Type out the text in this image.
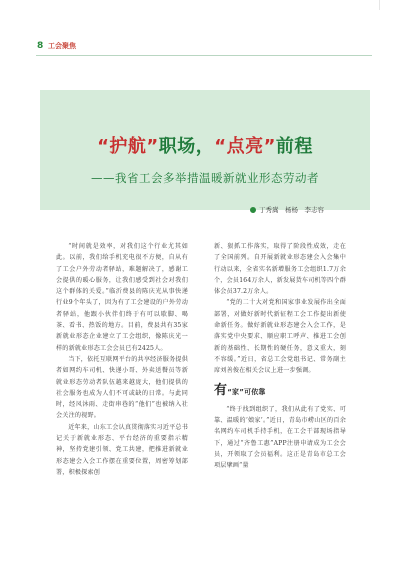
8 工会聚焦
“护航”职场，“点亮”前程
——我省工会多举措温暖新就业形态劳动者
丁秀嵩　杨杨　李志容

“时间就是效率，对我们这个行业尤其如此。以前，我们给手机充电很不方便，自从有了工会户外劳动者驿站，难题解决了，感谢工会提供的暖心服务，让我们感受到社会对我们这个群体的关爱。”临沂费县的陈庆光从事快递行业9个年头了，因为有了工会建设的户外劳动者驿站，他跟小伙伴们终于有可以歇脚、喝茶、看书、热饭的地方。目前，费县共有35家新就业形态企业建立了工会组织，像陈庆光一样的新就业形态工会会员已有2425人。

当下，依托互联网平台的共享经济服务提供者如网约车司机、快递小哥、外卖送餐员等新就业形态劳动者队伍越来越庞大，他们提供的社会服务也成为人们不可或缺的日常。与此同时，经风沐雨、走街串巷的“他们”也被纳入社会关注的视野。

近年来，山东工会认真贯彻落实习近平总书记关于新就业形态、平台经济的重要指示精神，坚持党建引领、党工共建，把推进新就业形态建会入会工作摆在重要位置，周密筹划部署，积极探索创

新、狠抓工作落实，取得了阶段性成效，走在了全国前列。自开展新就业形态建会入会集中行动以来，全省实名新增服务工会组织1.7万余个，会员164万余人，新发展货车司机等四个群体会员37.2万余人。

“党的二十大对党和国家事业发展作出全面部署，对做好新时代新征程工会工作提出新使命新任务。做好新就业形态建会入会工作，是落实党中央要求、顺应职工呼声、推进工会创新的基础性、长期性的硬任务，意义重大，刻不容缓。”近日，省总工会党组书记、常务副主席刘善俊在相关会议上进一步强调。

有“家”可依靠

“终于找到组织了，我们从此有了党实、可靠、温暖的‘娘家’。”近日，青岛市崂山区的百余名网约车司机手持手机，在工会干部现场指导下，通过“齐鲁工惠”APP注册申请成为工会会员，开领取了会员福利。这正是青岛市总工会项层擘画“量
